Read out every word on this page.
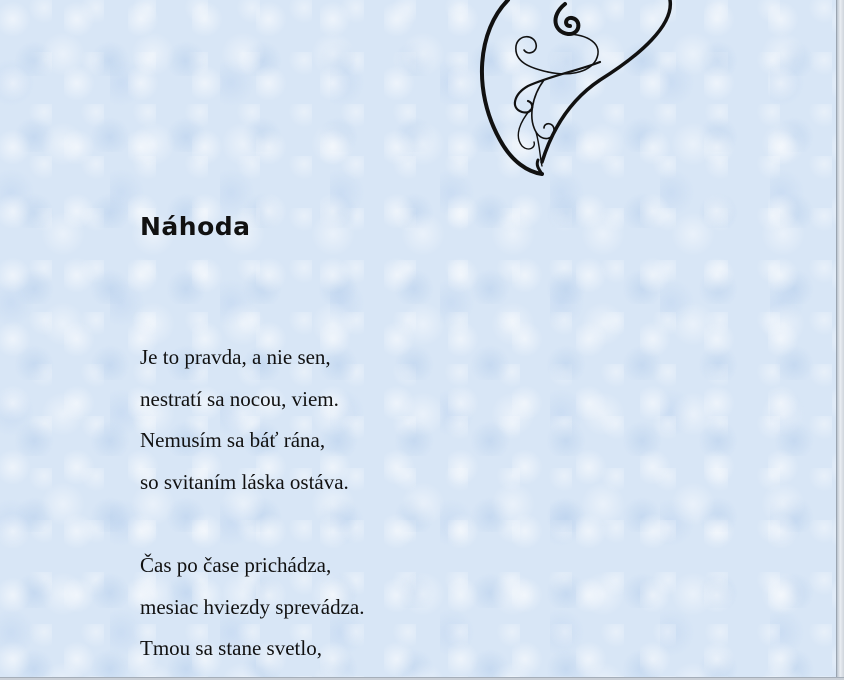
Náhoda
Je to pravda, a nie sen,
nestratí sa nocou, viem.
Nemusím sa báť rána,
so svitaním láska ostáva.
Čas po čase prichádza,
mesiac hviezdy sprevádza.
Tmou sa stane svetlo,
